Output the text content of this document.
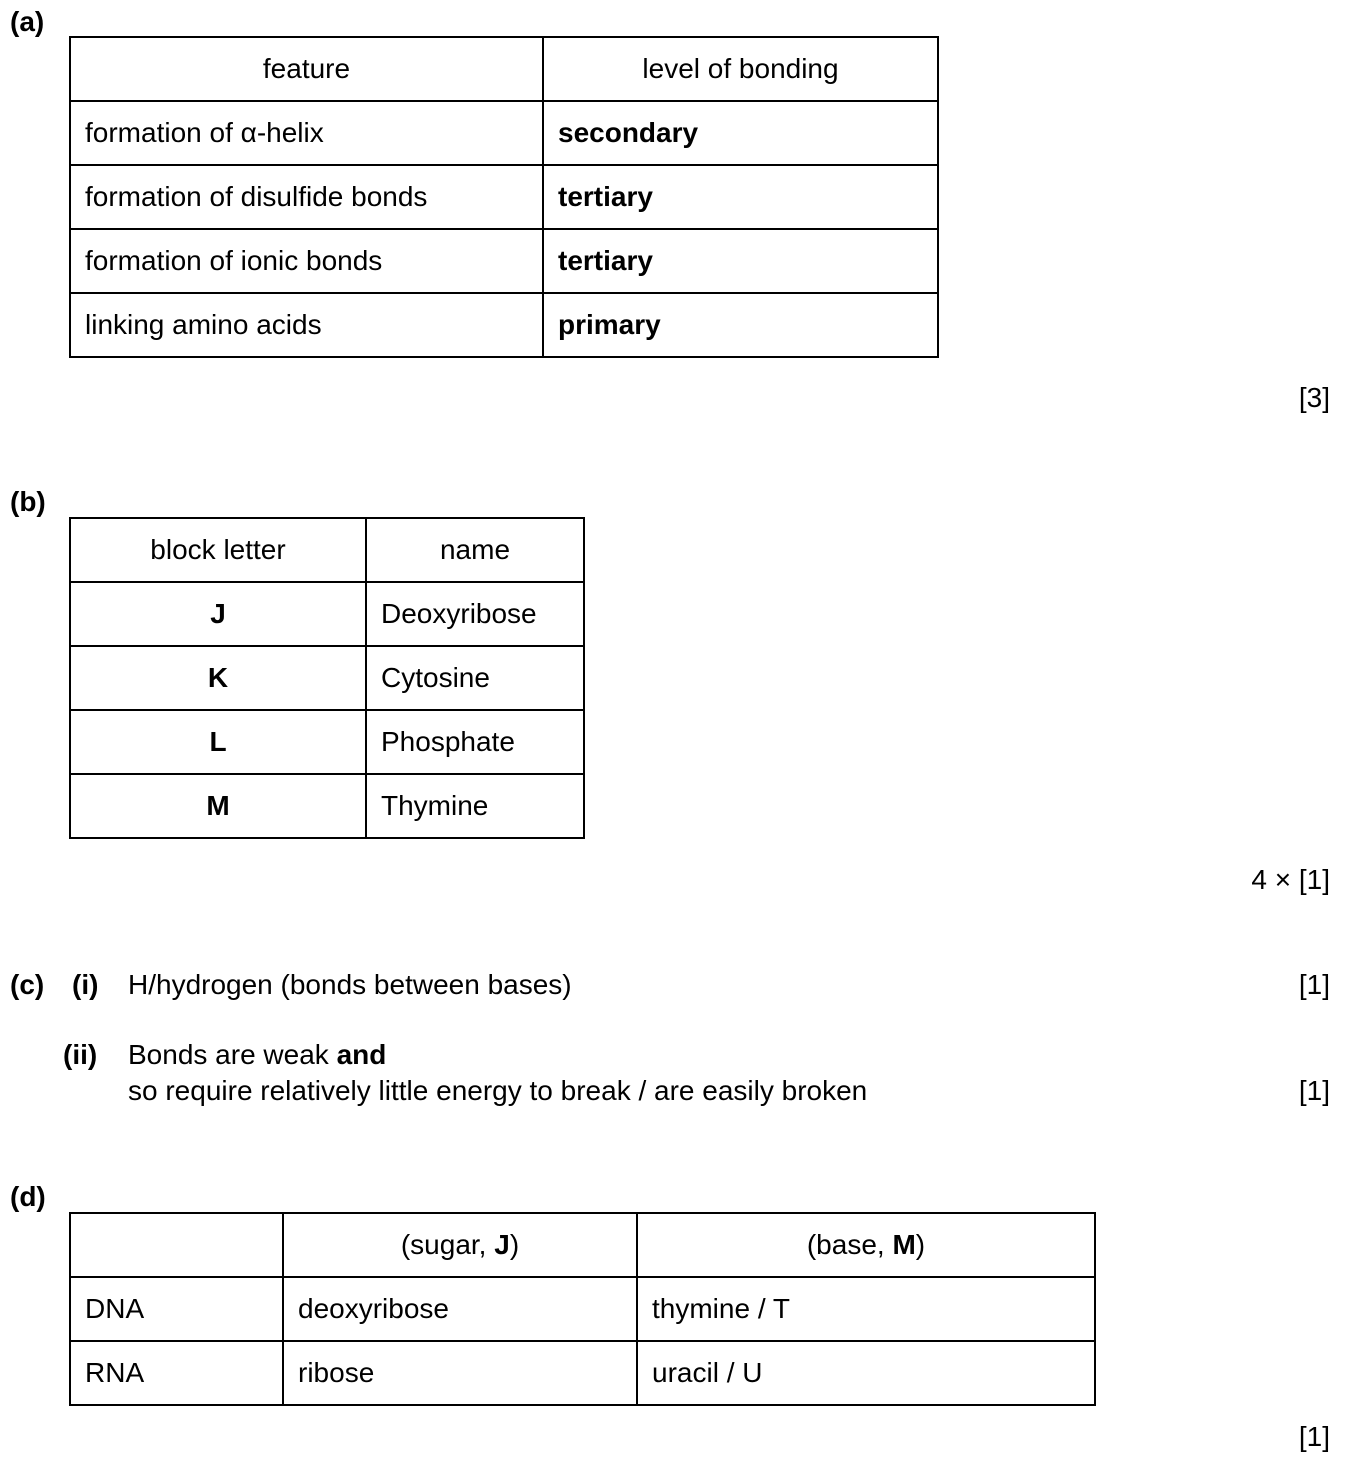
(a)
feature	level of bonding
formation of α-helix	secondary
formation of disulfide bonds	tertiary
formation of ionic bonds	tertiary
linking amino acids	primary
[3]
(b)
block letter	name
J	Deoxyribose
K	Cytosine
L	Phosphate
M	Thymine
4 × [1]
(c) (i) H/hydrogen (bonds between bases)	[1]
(ii) Bonds are weak and
so require relatively little energy to break / are easily broken	[1]
(d)
	(sugar, J)	(base, M)
DNA	deoxyribose	thymine / T
RNA	ribose	uracil / U
[1]
